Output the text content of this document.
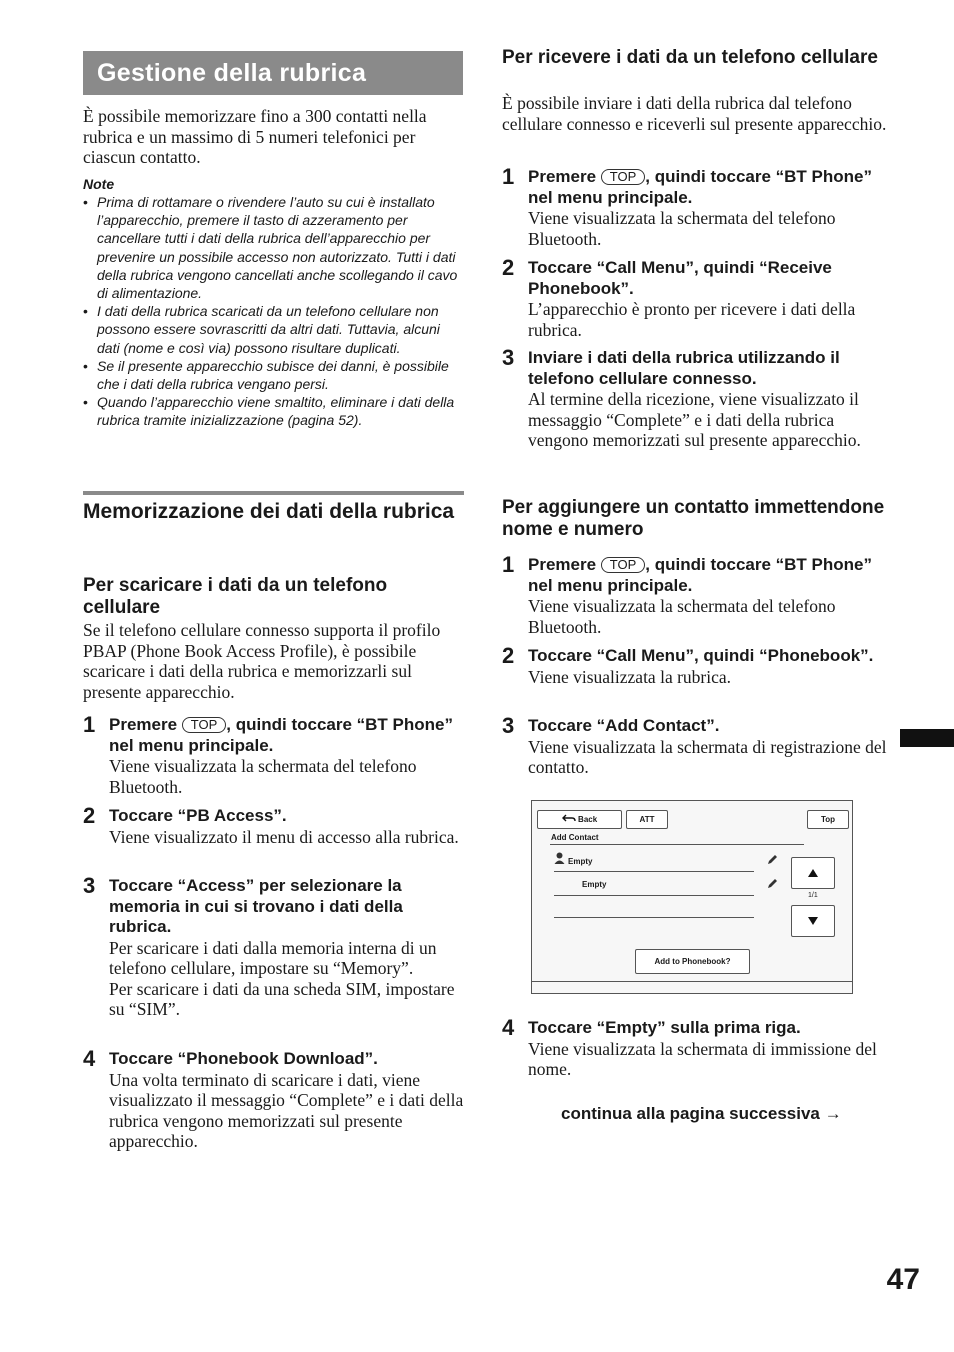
Gestione della rubrica
È possibile memorizzare fino a 300 contatti nella rubrica e un massimo di 5 numeri telefonici per ciascun contatto.
Note
• Prima di rottamare o rivendere l’auto su cui è installato l’apparecchio, premere il tasto di azzeramento per cancellare tutti i dati della rubrica dell’apparecchio per prevenire un possibile accesso non autorizzato. Tutti i dati della rubrica vengono cancellati anche scollegando il cavo di alimentazione.
• I dati della rubrica scaricati da un telefono cellulare non possono essere sovrascritti da altri dati. Tuttavia, alcuni dati (nome e così via) possono risultare duplicati.
• Se il presente apparecchio subisce dei danni, è possibile che i dati della rubrica vengano persi.
• Quando l’apparecchio viene smaltito, eliminare i dati della rubrica tramite inizializzazione (pagina 52).
Memorizzazione dei dati della rubrica
Per scaricare i dati da un telefono cellulare
Se il telefono cellulare connesso supporta il profilo PBAP (Phone Book Access Profile), è possibile scaricare i dati della rubrica e memorizzarli sul presente apparecchio.
1 Premere TOP , quindi toccare “BT Phone” nel menu principale.
Viene visualizzata la schermata del telefono Bluetooth.
2 Toccare “PB Access”.
Viene visualizzato il menu di accesso alla rubrica.
3 Toccare “Access” per selezionare la memoria in cui si trovano i dati della rubrica.
Per scaricare i dati dalla memoria interna di un telefono cellulare, impostare su “Memory”.
Per scaricare i dati da una scheda SIM, impostare su “SIM”.
4 Toccare “Phonebook Download”.
Una volta terminato di scaricare i dati, viene visualizzato il messaggio “Complete” e i dati della rubrica vengono memorizzati sul presente apparecchio.
Per ricevere i dati da un telefono cellulare
È possibile inviare i dati della rubrica dal telefono cellulare connesso e riceverli sul presente apparecchio.
1 Premere TOP , quindi toccare “BT Phone” nel menu principale.
Viene visualizzata la schermata del telefono Bluetooth.
2 Toccare “Call Menu”, quindi “Receive Phonebook”.
L’apparecchio è pronto per ricevere i dati della rubrica.
3 Inviare i dati della rubrica utilizzando il telefono cellulare connesso.
Al termine della ricezione, viene visualizzato il messaggio “Complete” e i dati della rubrica vengono memorizzati sul presente apparecchio.
Per aggiungere un contatto immettendone nome e numero
1 Premere TOP , quindi toccare “BT Phone” nel menu principale.
Viene visualizzata la schermata del telefono Bluetooth.
2 Toccare “Call Menu”, quindi “Phonebook”.
Viene visualizzata la rubrica.
3 Toccare “Add Contact”.
Viene visualizzata la schermata di registrazione del contatto.
Back	ATT	Top
Add Contact
Empty
Empty
1/1
Add to Phonebook?
4 Toccare “Empty” sulla prima riga.
Viene visualizzata la schermata di immissione del nome.
continua alla pagina successiva →
47
